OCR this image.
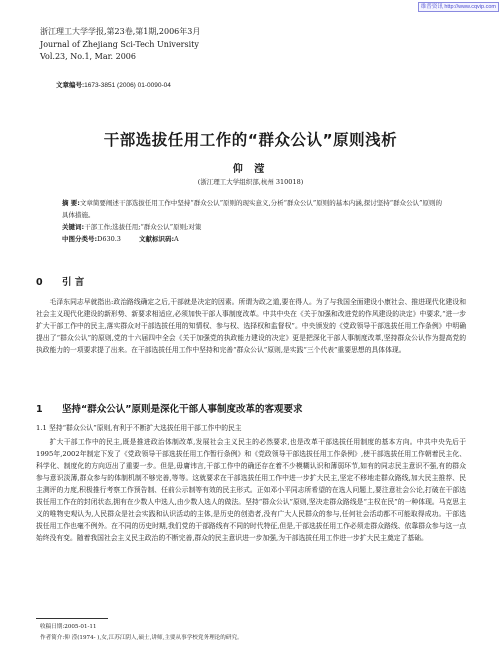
维普资讯 http://www.cqvip.com
浙江理工大学学报,第23卷,第1期,2006年3月
Journal of Zhejiang Sci-Tech University
Vol.23, No.1, Mar. 2006
文章编号:1673-3851 (2006) 01-0090-04
干部选拔任用工作的“群众公认”原则浅析
仰 滢
(浙江理工大学组织部,杭州 310018)

摘 要:文章简要阐述干部选拔任用工作中坚持“群众公认”原则的现实意义,分析“群众公认”原则的基本内涵,探讨坚持“群众公认”原则的具体措施。

关键词:干部工作;选拔任用;“群众公认”原则;对策

中图分类号:D630.3	文献标识码:A
0 引 言

毛泽东同志早就指出:政治路线确定之后,干部就是决定的因素。所谓为政之道,要在得人。为了与我国全面建设小康社会、推进现代化建设和社会主义现代化建设的新形势、新要求相适应,必须加快干部人事制度改革。中共中央在《关于加强和改进党的作风建设的决定》中要求,“进一步扩大干部工作中的民主,落实群众对干部选拔任用的知情权、参与权、选择权和监督权”。中央颁发的《党政领导干部选拔任用工作条例》中明确提出了“群众公认”的原则,党的十六届四中全会《关于加强党的执政能力建设的决定》更是把深化干部人事制度改革,坚持群众公认作为提高党的执政能力的一项要求提了出来。在干部选拔任用工作中坚持和完善“群众公认”原则,是实践“三个代表”重要思想的具体体现。

1 坚持“群众公认”原则是深化干部人事制度改革的客观要求
1.1 坚持“群众公认”原则,有利于不断扩大选拔任用干部工作中的民主

扩大干部工作中的民主,既是推进政治体制改革,发展社会主义民主的必然要求,也是改革干部选拔任用制度的基本方向。中共中央先后于1995年,2002年制定下发了《党政领导干部选拔任用工作暂行条例》和《党政领导干部选拔任用工作条例》,使干部选拔任用工作朝着民主化、科学化、制度化的方向迈出了重要一步。但是,毋庸讳言,干部工作中的确还存在着不少模糊认识和薄弱环节,如有的同志民主意识不强,有的群众参与意识淡薄,群众参与的体制机制不够完善,等等。这就要求在干部选拔任用工作中进一步扩大民主,坚定不移地走群众路线,加大民主推荐、民主测评的力度,积极推行考察工作预告制、任前公示制等有效的民主形式。正如邓小平同志所希望的在选人问题上,要注意社会公论,打破在干部选拔任用工作在的封闭状态,拥有在少数人中选人,由少数人选人的做法。坚持“群众公认”原则,坚决走群众路线是“主权在民”的一种体现。马克思主义的唯物史观认为,人民群众是社会实践和认识活动的主体,是历史的创造者,没有广大人民群众的参与,任何社会活动都不可能取得成功。干部选拔任用工作也毫不例外。在不同的历史时期,我们党的干部路线有不同的时代特征,但是,干部选拔任用工作必须走群众路线、依靠群众参与这一点始终没有变。随着我国社会主义民主政治的不断完善,群众的民主意识进一步加强,为干部选拔任用工作进一步扩大民主奠定了基础。

收稿日期:2005-01-11
作者简介:仰 滢(1974- ),女,江苏江阴人,硕士,讲师,主要从事学校党务理论的研究。
